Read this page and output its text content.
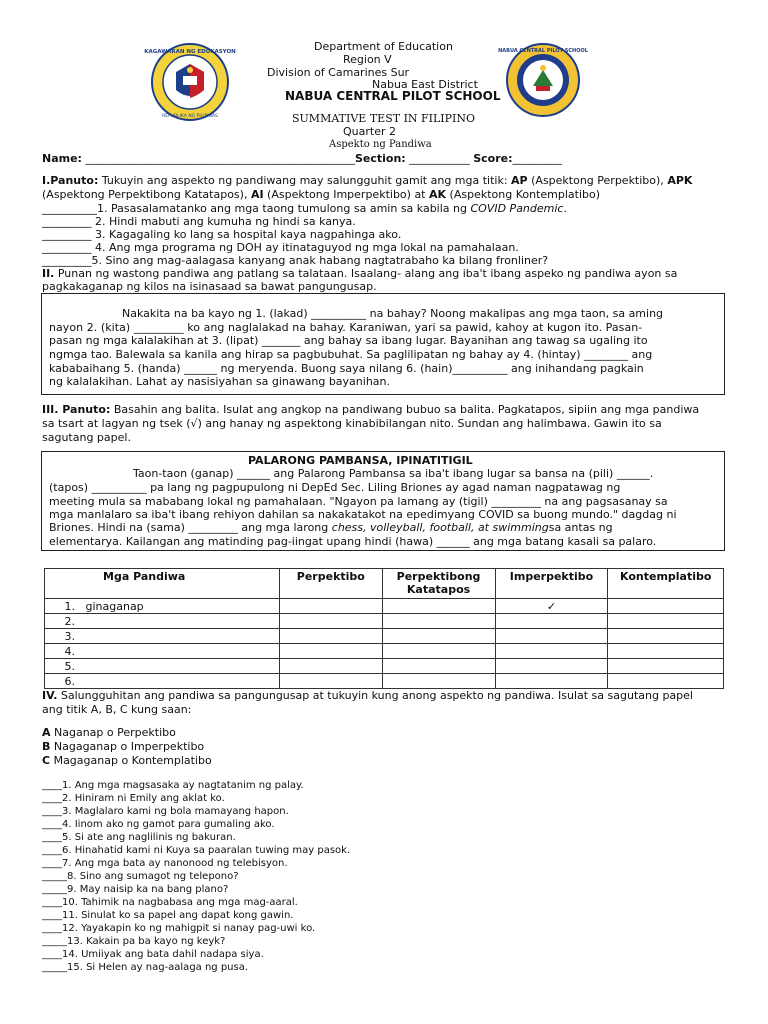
KAGAWARAN NG EDUKASYON
REPUBLIKA NG PILIPINAS
NABUA CENTRAL PILOT SCHOOL
Department of Education
Region V
Division of Camarines Sur
Nabua East District
NABUA CENTRAL PILOT SCHOOL
SUMMATIVE TEST IN FILIPINO
Quarter 2
Aspekto ng Pandiwa
Name: _________________________________________________Section: ___________ Score:_________
I.Panuto: Tukuyin ang aspekto ng pandiwang may salungguhit gamit ang mga titik: AP (Aspektong Perpektibo), APK
(Aspektong Perpektibong Katatapos), AI (Aspektong Imperpektibo) at AK (Aspektong Kontemplatibo)
__________1. Pasasalamatanko ang mga taong tumulong sa amin sa kabila ng COVID Pandemic.
_________ 2. Hindi mabuti ang kumuha ng hindi sa kanya.
_________ 3. Kagagaling ko lang sa hospital kaya nagpahinga ako.
_________ 4. Ang mga programa ng DOH ay itinataguyod ng mga lokal na pamahalaan.
_________5. Sino ang mag-aalagasa kanyang anak habang nagtatrabaho ka bilang fronliner?
II. Punan ng wastong pandiwa ang patlang sa talataan. Isaalang- alang ang iba't ibang aspeko ng pandiwa ayon sa
pagkakaganap ng kilos na isinasaad sa bawat pangungusap.
Nakakita na ba kayo ng 1. (lakad) __________ na bahay? Noong makalipas ang mga taon, sa aming
nayon 2. (kita) _________ ko ang naglalakad na bahay. Karaniwan, yari sa pawid, kahoy at kugon ito. Pasan-
pasan ng mga kalalakihan at 3. (lipat) _______ ang bahay sa ibang lugar. Bayanihan ang tawag sa ugaling ito
ngmga tao. Balewala sa kanila ang hirap sa pagbubuhat. Sa paglilipatan ng bahay ay 4. (hintay) ________ ang
kababaihang 5. (handa) ______ ng meryenda. Buong saya nilang 6. (hain)__________ ang inihandang pagkain
ng kalalakihan. Lahat ay nasisiyahan sa ginawang bayanihan.
III. Panuto: Basahin ang balita. Isulat ang angkop na pandiwang bubuo sa balita. Pagkatapos, sipiin ang mga pandiwa
sa tsart at lagyan ng tsek (√) ang hanay ng aspektong kinabibilangan nito. Sundan ang halimbawa. Gawin ito sa
sagutang papel.
PALARONG PAMBANSA, IPINATITIGIL
Taon-taon (ganap) ______ ang Palarong Pambansa sa iba't ibang lugar sa bansa na (pili) ______.
(tapos) __________ pa lang ng pagpupulong ni DepEd Sec. Liling Briones ay agad naman nagpatawag ng
meeting mula sa mababang lokal ng pamahalaan. "Ngayon pa lamang ay (tigil) _________ na ang pagsasanay sa
mga manlalaro sa iba't ibang rehiyon dahilan sa nakakatakot na epedimyang COVID sa buong mundo." dagdag ni
Briones. Hindi na (sama) _________ ang mga larong chess, volleyball, football, at swimmingsa antas ng
elementarya. Kailangan ang matinding pag-iingat upang hindi (hawa) ______ ang mga batang kasali sa palaro.
Mga Pandiwa	Perpektibo	Perpektibong Katatapos	Imperpektibo	Kontemplatibo
1. ginaganap			✓	
2.				
3.				
4.				
5.				
6.				
IV. Salungguhitan ang pandiwa sa pangungusap at tukuyin kung anong aspekto ng pandiwa. Isulat sa sagutang papel
ang titik A, B, C kung saan:
A Naganap o Perpektibo
B Nagaganap o Imperpektibo
C Magaganap o Kontemplatibo
____1. Ang mga magsasaka ay nagtatanim ng palay.
____2. Hiniram ni Emily ang aklat ko.
____3. Maglalaro kami ng bola mamayang hapon.
____4. Iinom ako ng gamot para gumaling ako.
____5. Si ate ang naglilinis ng bakuran.
____6. Hinahatid kami ni Kuya sa paaralan tuwing may pasok.
____7. Ang mga bata ay nanonood ng telebisyon.
_____8. Sino ang sumagot ng telepono?
_____9. May naisip ka na bang plano?
____10. Tahimik na nagbabasa ang mga mag-aaral.
____11. Sinulat ko sa papel ang dapat kong gawin.
____12. Yayakapin ko ng mahigpit si nanay pag-uwi ko.
_____13. Kakain pa ba kayo ng keyk?
____14. Umiiyak ang bata dahil nadapa siya.
_____15. Si Helen ay nag-aalaga ng pusa.
